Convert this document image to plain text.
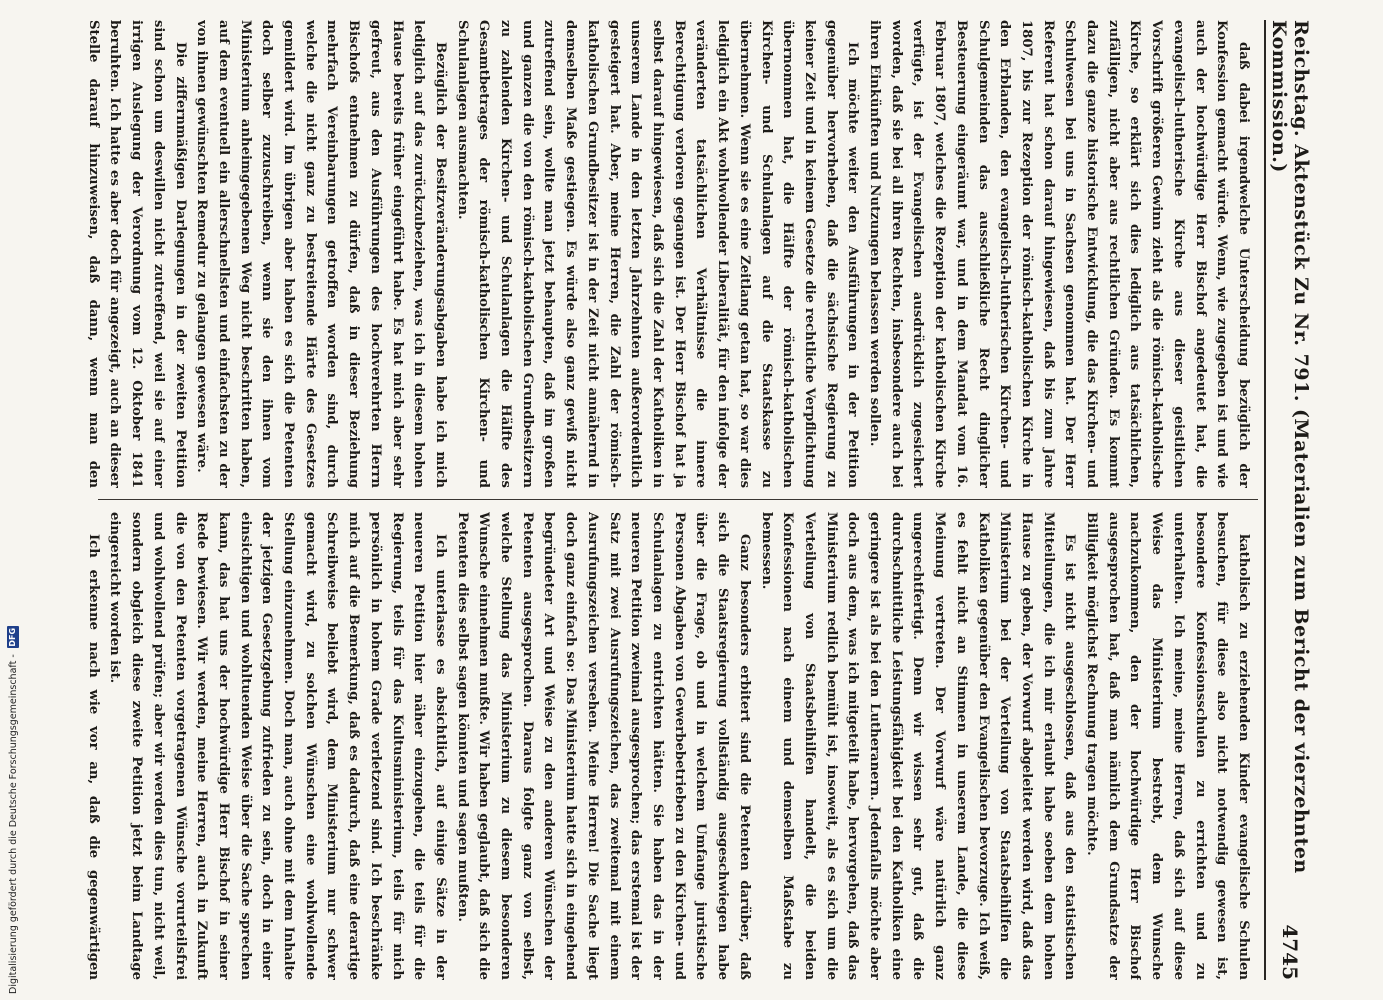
Reichstag. Aktenstück Zu Nr. 791. (Materialien zum Bericht der vierzehnten Kommission.)
4745

daß dabei irgendwelche Unterscheidung bezüglich der Konfession gemacht würde. Wenn, wie zugegeben ist und wie auch der hochwürdige Herr Bischof angedeutet hat, die evangelisch-lutherische Kirche aus dieser geistlichen Vorschrift größeren Gewinn zieht als die römisch-katholische Kirche, so erklärt sich dies lediglich aus tatsächlichen, zufälligen, nicht aber aus rechtlichen Gründen. Es kommt dazu die ganze historische Entwicklung, die das Kirchen- und Schulwesen bei uns in Sachsen genommen hat. Der Herr Referent hat schon darauf hingewiesen, daß bis zum Jahre 1807, bis zur Rezeption der römisch-katholischen Kirche in den Erblanden, den evangelisch-lutherischen Kirchen- und Schulgemeinden das ausschließliche Recht dinglicher Besteuerung eingeräumt war, und in dem Mandat vom 16. Februar 1807, welches die Rezeption der katholischen Kirche verfügte, ist der Evangelischen ausdrücklich zugesichert worden, daß sie bei all ihren Rechten, insbesondere auch bei ihren Einkünften und Nutzungen belassen werden sollen.

Ich möchte weiter den Ausführungen in der Petition gegenüber hervorheben, daß die sächsische Regierung zu keiner Zeit und in keinem Gesetze die rechtliche Verpflichtung übernommen hat, die Hälfte der römisch-katholischen Kirchen- und Schulanlagen auf die Staatskasse zu übernehmen. Wenn sie es eine Zeitlang getan hat, so war dies lediglich ein Akt wohlwollender Liberalität, für den infolge der veränderten tatsächlichen Verhältnisse die innere Berechtigung verloren gegangen ist. Der Herr Bischof hat ja selbst darauf hingewiesen, daß sich die Zahl der Katholiken in unserem Lande in den letzten Jahrzehnten außerordentlich gesteigert hat. Aber, meine Herren, die Zahl der römisch-katholischen Grundbesitzer ist in der Zeit nicht annähernd in demselben Maße gestiegen. Es würde also ganz gewiß nicht zutreffend sein, wollte man jetzt behaupten, daß im großen und ganzen die von den römisch-katholischen Grundbesitzern zu zahlenden Kirchen- und Schulanlagen die Hälfte des Gesamtbetrages der römisch-katholischen Kirchen- und Schulanlagen ausmachten.

Bezüglich der Besitzveränderungsabgaben habe ich mich lediglich auf das zurückzubeziehen, was ich in diesem hohen Hause bereits früher eingeführt habe. Es hat mich aber sehr gefreut, aus den Ausführungen des hochverehrten Herrn Bischofs entnehmen zu dürfen, daß in dieser Beziehung mehrfach Vereinbarungen getroffen worden sind, durch welche die nicht ganz zu bestreitende Härte des Gesetzes gemildert wird. Im übrigen aber haben es sich die Petenten doch selber zuzuschreiben, wenn sie den ihnen vom Ministerium anheimgegebenen Weg nicht beschritten haben, auf dem eventuell ein allerschnellsten und einfachsten zu der von ihnen gewünschten Remedur zu gelangen gewesen wäre.

Die ziffernmäßigen Darlegungen in der zweiten Petition sind schon um deswillen nicht zutreffend, weil sie auf einer irrigen Auslegung der Verordnung vom 12. Oktober 1841 beruhten. Ich hatte es aber doch für angezeigt, auch an dieser Stelle darauf hinzuweisen, daß dann, wenn man den

katholisch zu erziehenden Kinder evangelische Schulen besuchen, für diese also nicht notwendig gewesen ist, besondere Konfessionsschulen zu errichten und zu unterhalten. Ich meine, meine Herren, daß sich auf diese Weise das Ministerium bestrebt, dem Wunsche nachzukommen, den der hochwürdige Herr Bischof ausgesprochen hat, daß man nämlich dem Grundsatze der Billigkeit möglichst Rechnung tragen möchte.

Es ist nicht ausgeschlossen, daß aus den statistischen Mitteilungen, die ich mir erlaubt habe soeben dem hohen Hause zu geben, der Vorwurf abgeleitet werden wird, daß das Ministerium bei der Verteilung von Staatsbeihilfen die Katholiken gegenüber den Evangelischen bevorzuge. Ich weiß, es fehlt nicht an Stimmen in unserem Lande, die diese Meinung vertreten. Der Vorwurf wäre natürlich ganz ungerechtfertigt. Denn wir wissen sehr gut, daß die durchschnittliche Leistungsfähigkeit bei den Katholiken eine geringere ist als bei den Lutheranern. Jedenfalls möchte aber doch aus dem, was ich mitgeteilt habe, hervorgehen, daß das Ministerium redlich bemüht ist, insoweit, als es sich um die Verteilung von Staatsbeihilfen handelt, die beiden Konfessionen nach einem und demselben Maßstabe zu bemessen.

Ganz besonders erbitert sind die Petenten darüber, daß sich die Staatsregierung vollständig ausgeschwiegen habe über die Frage, ob und in welchem Umfange juristische Personen Abgaben von Gewerbebetrieben zu den Kirchen- und Schulanlagen zu entrichten hätten. Sie haben das in der neueren Petition zweimal ausgesprochen; das erstemal ist der Satz mit zwei Ausrufungszeichen, das zweitemal mit einem Ausrufungszeichen versehen. Meine Herren! Die Sache liegt doch ganz einfach so: Das Ministerium hatte sich in eingehend begründeter Art und Weise zu den anderen Wünschen der Petenten ausgesprochen. Daraus folgte ganz von selbst, welche Stellung das Ministerium zu diesem besonderen Wunsche einnehmen mußte. Wir haben geglaubt, daß sich die Petenten dies selbst sagen könnten und sagen mußten.

Ich unterlasse es absichtlich, auf einige Sätze in der neueren Petition hier näher einzugehen, die teils für die Regierung, teils für das Kultusministerium, teils für mich persönlich in hohem Grade verletzend sind. Ich beschränke mich auf die Bemerkung, daß es dadurch, daß eine derartige Schreibweise beliebt wird, dem Ministerium nur schwer gemacht wird, zu solchen Wünschen eine wohlwollende Stellung einzunehmen. Doch man, auch ohne mit dem Inhalte der jetzigen Gesetzgebung zufrieden zu sein, doch in einer einsichtigen und wohltuenden Weise über die Sache sprechen kann, das hat uns der hochwürdige Herr Bischof in seiner Rede bewiesen. Wir werden, meine Herren, auch in Zukunft die von den Petenten vorgetragenen Wünsche vorurteilsfrei und wohlwollend prüfen; aber wir werden dies tun, nicht weil, sondern obgleich diese zweite Petition jetzt beim Landtage eingereicht worden ist.

Ich erkenne nach wie vor an, daß die gegenwärtigen

Digitalisierung gefördert durch die Deutsche Forschungsgemeinschaft -
DFG
